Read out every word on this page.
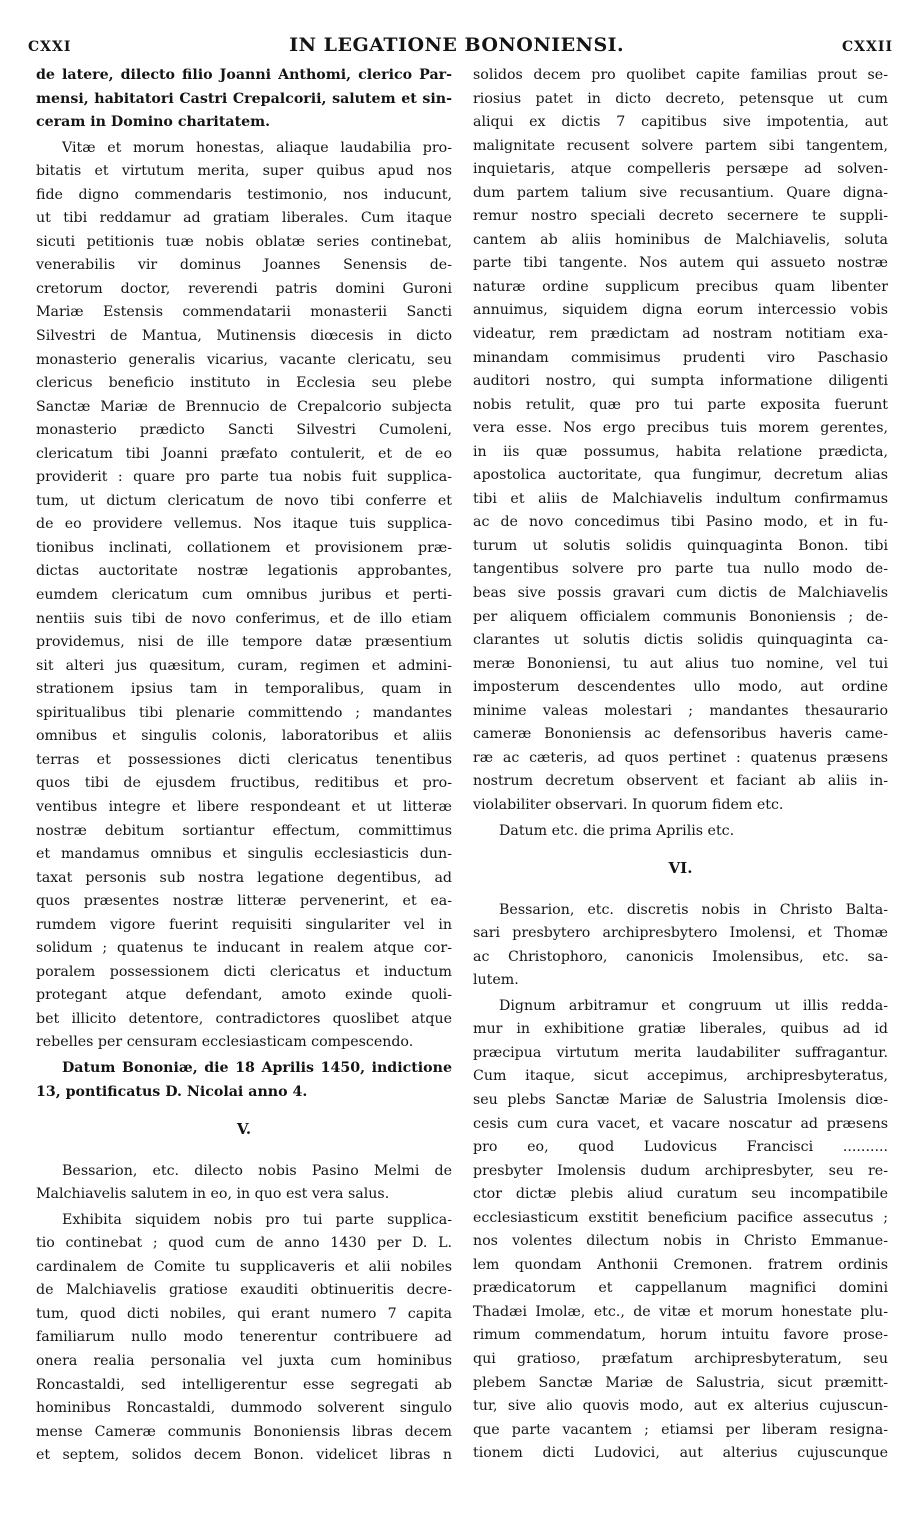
CXXI	IN LEGATIONE BONONIENSI.	CXXII
de latere, dilecto filio Joanni Anthomi, clerico Par-
mensi, habitatori Castri Crepalcorii, salutem et sin-
ceram in Domino charitatem.
Vitæ et morum honestas, aliaque laudabilia pro-
bitatis et virtutum merita, super quibus apud nos
fide digno commendaris testimonio, nos inducunt,
ut tibi reddamur ad gratiam liberales. Cum itaque
sicuti petitionis tuæ nobis oblatæ series continebat,
venerabilis vir dominus Joannes Senensis de-
cretorum doctor, reverendi patris domini Guroni
Mariæ Estensis commendatarii monasterii Sancti
Silvestri de Mantua, Mutinensis diœcesis in dicto
monasterio generalis vicarius, vacante clericatu, seu
clericus beneficio instituto in Ecclesia seu plebe
Sanctæ Mariæ de Brennucio de Crepalcorio subjecta
monasterio prædicto Sancti Silvestri Cumoleni,
clericatum tibi Joanni præfato contulerit, et de eo
providerit : quare pro parte tua nobis fuit supplica-
tum, ut dictum clericatum de novo tibi conferre et
de eo providere vellemus. Nos itaque tuis supplica-
tionibus inclinati, collationem et provisionem præ-
dictas auctoritate nostræ legationis approbantes,
eumdem clericatum cum omnibus juribus et perti-
nentiis suis tibi de novo conferimus, et de illo etiam
providemus, nisi de ille tempore datæ præsentium
sit alteri jus quæsitum, curam, regimen et admini-
strationem ipsius tam in temporalibus, quam in
spiritualibus tibi plenarie committendo ; mandantes
omnibus et singulis colonis, laboratoribus et aliis
terras et possessiones dicti clericatus tenentibus
quos tibi de ejusdem fructibus, reditibus et pro-
ventibus integre et libere respondeant et ut litteræ
nostræ debitum sortiantur effectum, committimus
et mandamus omnibus et singulis ecclesiasticis dun-
taxat personis sub nostra legatione degentibus, ad
quos præsentes nostræ litteræ pervenerint, et ea-
rumdem vigore fuerint requisiti singulariter vel in
solidum ; quatenus te inducant in realem atque cor-
poralem possessionem dicti clericatus et inductum
protegant atque defendant, amoto exinde quoli-
bet illicito detentore, contradictores quoslibet atque
rebelles per censuram ecclesiasticam compescendo.
Datum Bononiæ, die 18 Aprilis 1450, indictione
13, pontificatus D. Nicolai anno 4.
V.
Bessarion, etc. dilecto nobis Pasino Melmi de
Malchiavelis salutem in eo, in quo est vera salus.
Exhibita siquidem nobis pro tui parte supplica-
tio continebat ; quod cum de anno 1430 per D. L.
cardinalem de Comite tu supplicaveris et alii nobiles
de Malchiavelis gratiose exauditi obtinueritis decre-
tum, quod dicti nobiles, qui erant numero 7 capita
familiarum nullo modo tenerentur contribuere ad
onera realia personalia vel juxta cum hominibus
Roncastaldi, sed intelligerentur esse segregati ab
hominibus Roncastaldi, dummodo solverent singulo
mense Cameræ communis Bononiensis libras decem
et septem, solidos decem Bonon. videlicet libras n
solidos decem pro quolibet capite familias prout se-
riosius patet in dicto decreto, petensque ut cum
aliqui ex dictis 7 capitibus sive impotentia, aut
malignitate recusent solvere partem sibi tangentem,
inquietaris, atque compelleris persæpe ad solven-
dum partem talium sive recusantium. Quare digna-
remur nostro speciali decreto secernere te suppli-
cantem ab aliis hominibus de Malchiavelis, soluta
parte tibi tangente. Nos autem qui assueto nostræ
naturæ ordine supplicum precibus quam libenter
annuimus, siquidem digna eorum intercessio vobis
videatur, rem prædictam ad nostram notitiam exa-
minandam commisimus prudenti viro Paschasio
auditori nostro, qui sumpta informatione diligenti
nobis retulit, quæ pro tui parte exposita fuerunt
vera esse. Nos ergo precibus tuis morem gerentes,
in iis quæ possumus, habita relatione prædicta,
apostolica auctoritate, qua fungimur, decretum alias
tibi et aliis de Malchiavelis indultum confirmamus
ac de novo concedimus tibi Pasino modo, et in fu-
turum ut solutis solidis quinquaginta Bonon. tibi
tangentibus solvere pro parte tua nullo modo de-
beas sive possis gravari cum dictis de Malchiavelis
per aliquem officialem communis Bononiensis ; de-
clarantes ut solutis dictis solidis quinquaginta ca-
meræ Bononiensi, tu aut alius tuo nomine, vel tui
imposterum descendentes ullo modo, aut ordine
minime valeas molestari ; mandantes thesaurario
cameræ Bononiensis ac defensoribus haveris came-
ræ ac cæteris, ad quos pertinet : quatenus præsens
nostrum decretum observent et faciant ab aliis in-
violabiliter observari. In quorum fidem etc.
Datum etc. die prima Aprilis etc.
VI.
Bessarion, etc. discretis nobis in Christo Balta-
sari presbytero archipresbytero Imolensi, et Thomæ
ac Christophoro, canonicis Imolensibus, etc. sa-
lutem.
Dignum arbitramur et congruum ut illis redda-
mur in exhibitione gratiæ liberales, quibus ad id
præcipua virtutum merita laudabiliter suffragantur.
Cum itaque, sicut accepimus, archipresbyteratus,
seu plebs Sanctæ Mariæ de Salustria Imolensis diœ-
cesis cum cura vacet, et vacare noscatur ad præsens
pro eo, quod Ludovicus Francisci ..........
presbyter Imolensis dudum archipresbyter, seu re-
ctor dictæ plebis aliud curatum seu incompatibile
ecclesiasticum exstitit beneficium pacifice assecutus ;
nos volentes dilectum nobis in Christo Emmanue-
lem quondam Anthonii Cremonen. fratrem ordinis
prædicatorum et cappellanum magnifici domini
Thadæi Imolæ, etc., de vitæ et morum honestate plu-
rimum commendatum, horum intuitu favore prose-
qui gratioso, præfatum archipresbyteratum, seu
plebem Sanctæ Mariæ de Salustria, sicut præmitt-
tur, sive alio quovis modo, aut ex alterius cujuscun-
que parte vacantem ; etiamsi per liberam resigna-
tionem dicti Ludovici, aut alterius cujuscunque
